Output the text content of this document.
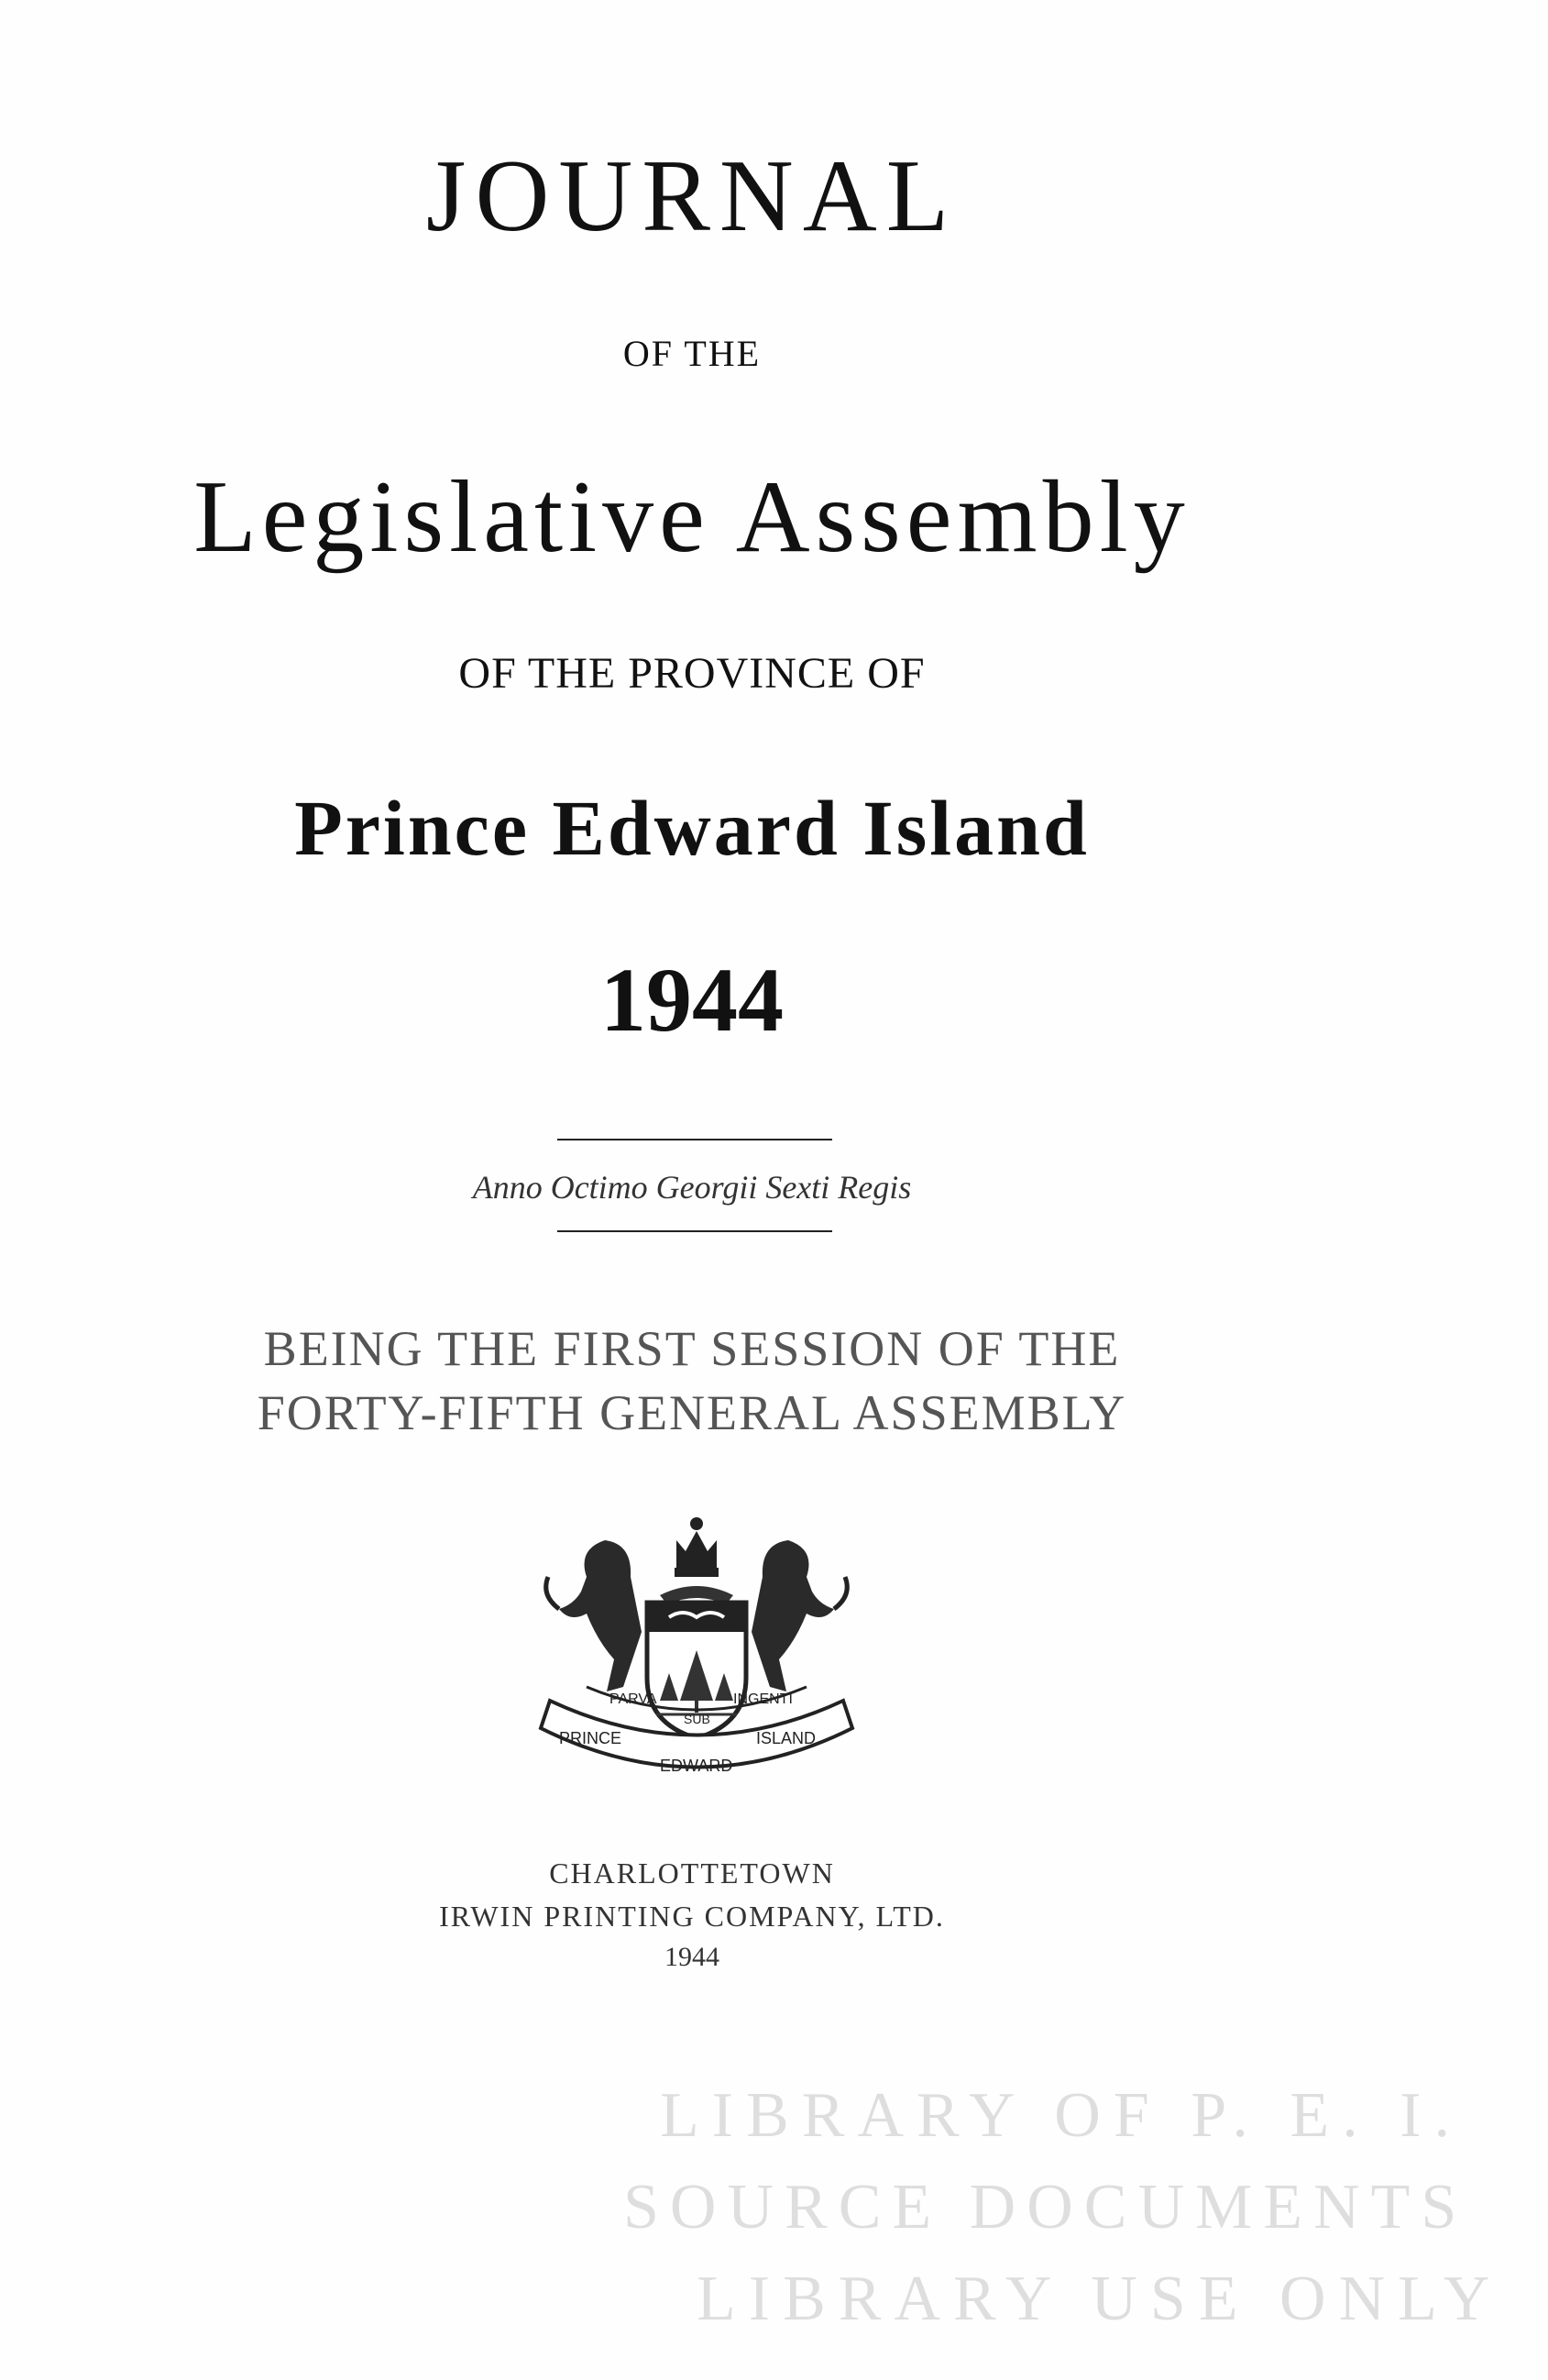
JOURNAL
OF THE
Legislative Assembly
OF THE PROVINCE OF
Prince Edward Island
1944
Anno Octimo Georgii Sexti Regis
BEING THE FIRST SESSION OF THE
FORTY-FIFTH GENERAL ASSEMBLY
PARVA
SUB
INGENTI
PRINCE
EDWARD
ISLAND
CHARLOTTETOWN
IRWIN PRINTING COMPANY, LTD.
1944
LIBRARY OF P. E. I.
SOURCE DOCUMENTS
LIBRARY USE ONLY
